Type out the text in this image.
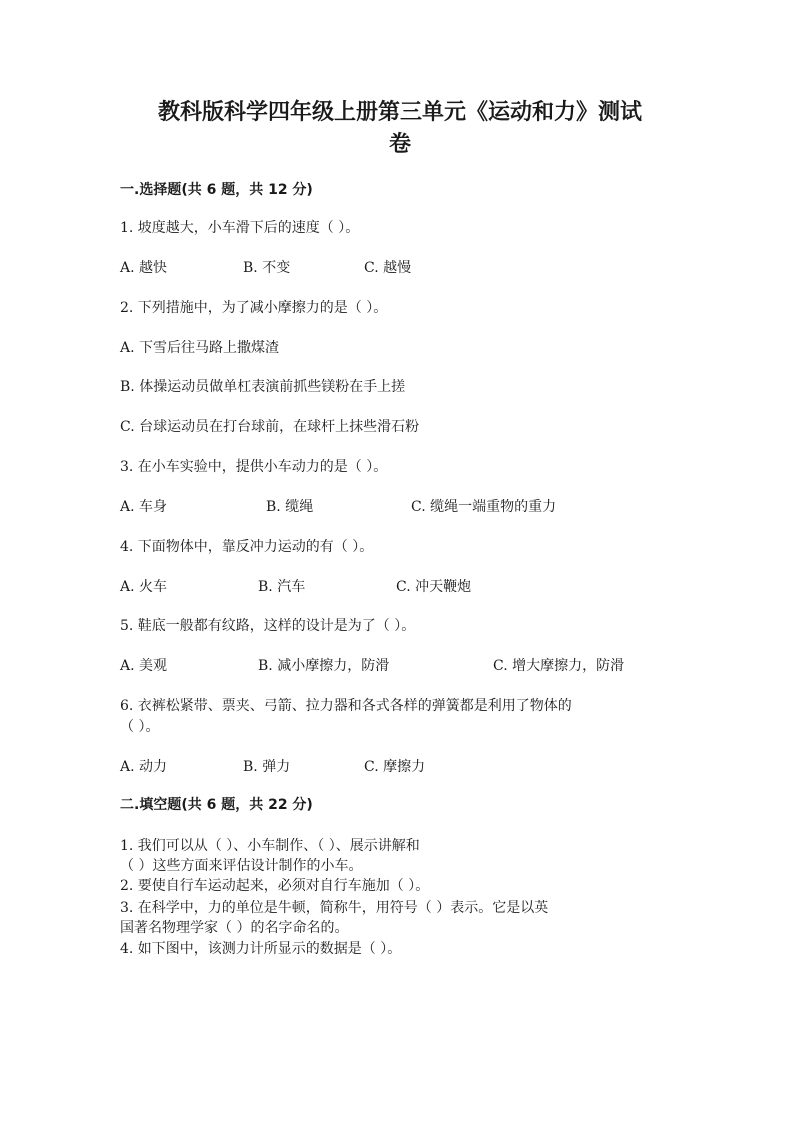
教科版科学四年级上册第三单元《运动和力》测试
卷
一.选择题(共 6 题，共 12 分)
1. 坡度越大，小车滑下后的速度（ ）。
A. 越快	B. 不变	C. 越慢
2. 下列措施中，为了减小摩擦力的是（ ）。
A. 下雪后往马路上撒煤渣
B. 体操运动员做单杠表演前抓些镁粉在手上搓
C. 台球运动员在打台球前，在球杆上抹些滑石粉
3. 在小车实验中，提供小车动力的是（ ）。
A. 车身	B. 缆绳	C. 缆绳一端重物的重力
4. 下面物体中，靠反冲力运动的有（ ）。
A. 火车	B. 汽车	C. 冲天鞭炮
5. 鞋底一般都有纹路，这样的设计是为了（ ）。
A. 美观	B. 减小摩擦力，防滑	C. 增大摩擦力，防滑
6. 衣裤松紧带、票夹、弓箭、拉力器和各式各样的弹簧都是利用了物体的
（ ）。
A. 动力	B. 弹力	C. 摩擦力
二.填空题(共 6 题，共 22 分)
1. 我们可以从（ ）、小车制作、（ ）、展示讲解和
（ ）这些方面来评估设计制作的小车。
2. 要使自行车运动起来，必须对自行车施加（ ）。
3. 在科学中，力的单位是牛顿，简称牛，用符号（ ）表示。它是以英
国著名物理学家（ ）的名字命名的。
4. 如下图中，该测力计所显示的数据是（ ）。
